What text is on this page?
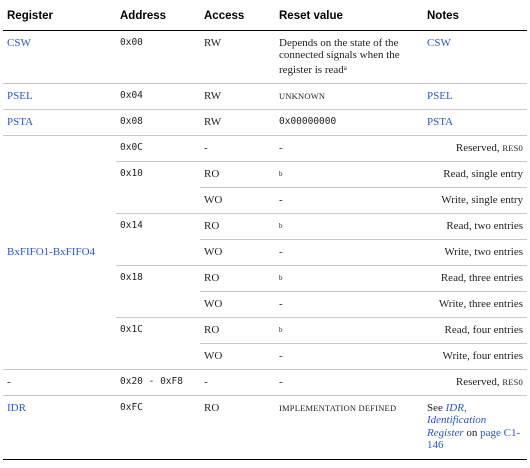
Register	Address	Access	Reset value	Notes
CSW	0x00	RW	Depends on the state of the connected signals when the register is read$^a$	CSW
PSEL	0x04	RW	UNKNOWN	PSEL
PSTA	0x08	RW	0x00000000	PSTA
BxFIFO1-BxFIFO4	0x0C	-	-	Reserved, RES0
	0x10	RO	$^b$	Read, single entry
		WO	-	Write, single entry
	0x14	RO	$^b$	Read, two entries
		WO	-	Write, two entries
	0x18	RO	$^b$	Read, three entries
		WO	-	Write, three entries
	0x1C	RO	$^b$	Read, four entries
		WO	-	Write, four entries
-	0x20 - 0xF8	-	-	Reserved, RES0
IDR	0xFC	RO	IMPLEMENTATION DEFINED	See IDR, Identification Register on page C1-146
